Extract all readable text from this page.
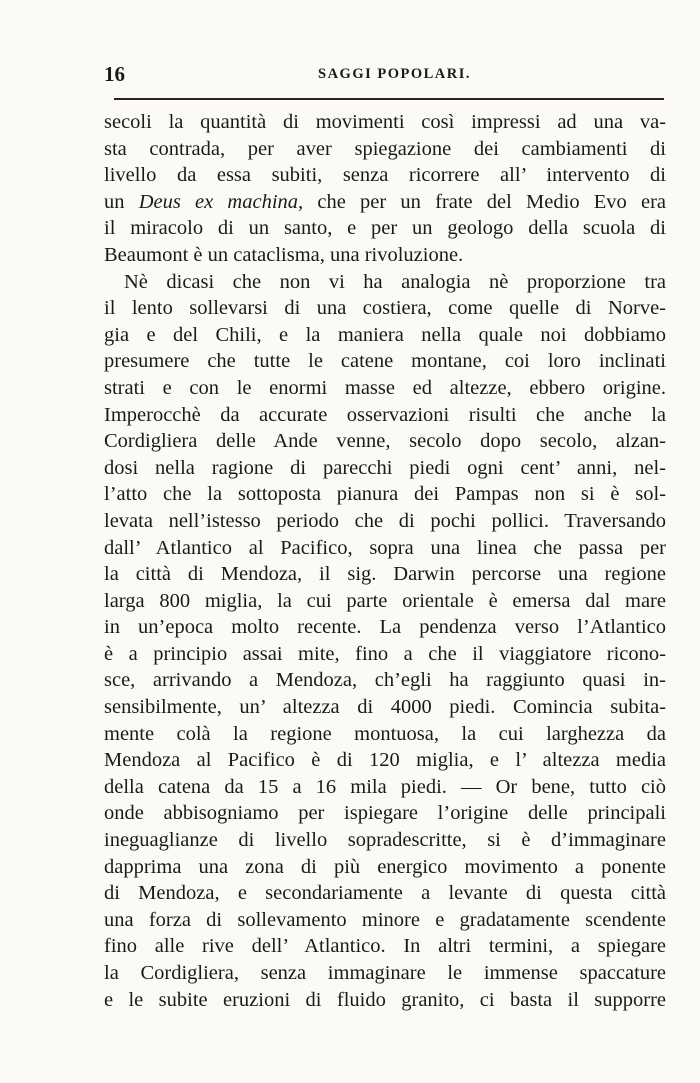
16	SAGGI POPOLARI.
secoli la quantità di movimenti così impressi ad una va-
sta contrada, per aver spiegazione dei cambiamenti di
livello da essa subiti, senza ricorrere all’ intervento di
un Deus ex machina, che per un frate del Medio Evo era
il miracolo di un santo, e per un geologo della scuola di
Beaumont è un cataclisma, una rivoluzione.
Nè dicasi che non vi ha analogia nè proporzione tra
il lento sollevarsi di una costiera, come quelle di Norve-
gia e del Chili, e la maniera nella quale noi dobbiamo
presumere che tutte le catene montane, coi loro inclinati
strati e con le enormi masse ed altezze, ebbero origine.
Imperocchè da accurate osservazioni risulti che anche la
Cordigliera delle Ande venne, secolo dopo secolo, alzan-
dosi nella ragione di parecchi piedi ogni cent’ anni, nel-
l’atto che la sottoposta pianura dei Pampas non si è sol-
levata nell’istesso periodo che di pochi pollici. Traversando
dall’ Atlantico al Pacifico, sopra una linea che passa per
la città di Mendoza, il sig. Darwin percorse una regione
larga 800 miglia, la cui parte orientale è emersa dal mare
in un’epoca molto recente. La pendenza verso l’Atlantico
è a principio assai mite, fino a che il viaggiatore ricono-
sce, arrivando a Mendoza, ch’egli ha raggiunto quasi in-
sensibilmente, un’ altezza di 4000 piedi. Comincia subita-
mente colà la regione montuosa, la cui larghezza da
Mendoza al Pacifico è di 120 miglia, e l’ altezza media
della catena da 15 a 16 mila piedi. — Or bene, tutto ciò
onde abbisogniamo per ispiegare l’origine delle principali
ineguaglianze di livello sopradescritte, si è d’immaginare
dapprima una zona di più energico movimento a ponente
di Mendoza, e secondariamente a levante di questa città
una forza di sollevamento minore e gradatamente scendente
fino alle rive dell’ Atlantico. In altri termini, a spiegare
la Cordigliera, senza immaginare le immense spaccature
e le subite eruzioni di fluido granito, ci basta il supporre
